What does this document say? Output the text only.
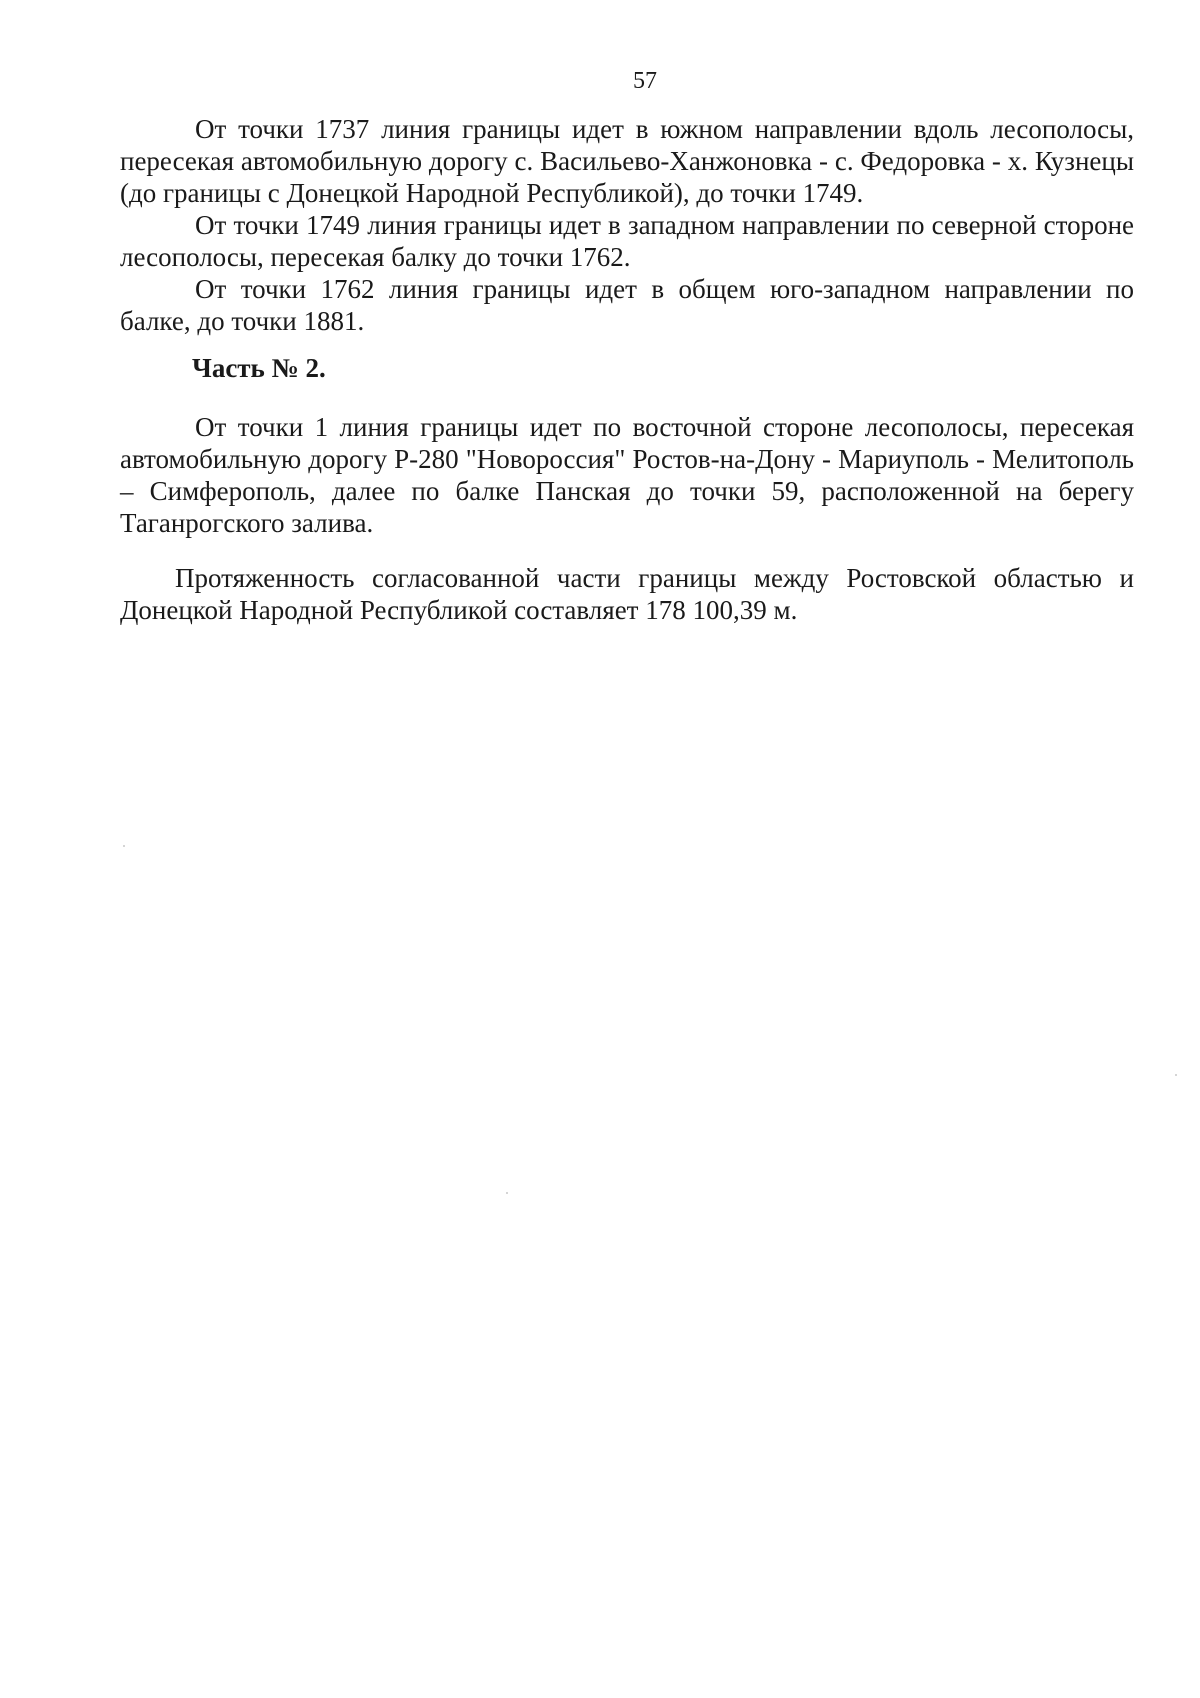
57

От точки 1737 линия границы идет в южном направлении вдоль лесополосы, пересекая автомобильную дорогу с. Васильево-Ханжоновка - с. Федоровка - х. Кузнецы (до границы с Донецкой Народной Республикой), до точки 1749.

От точки 1749 линия границы идет в западном направлении по северной стороне лесополосы, пересекая балку до точки 1762.

От точки 1762 линия границы идет в общем юго-западном направлении по балке, до точки 1881.

Часть № 2.

От точки 1 линия границы идет по восточной стороне лесополосы, пересекая автомобильную дорогу Р-280 "Новороссия" Ростов-на-Дону - Мариуполь - Мелитополь – Симферополь, далее по балке Панская до точки 59, расположенной на берегу Таганрогского залива.

Протяженность согласованной части границы между Ростовской областью и Донецкой Народной Республикой составляет 178 100,39 м.
